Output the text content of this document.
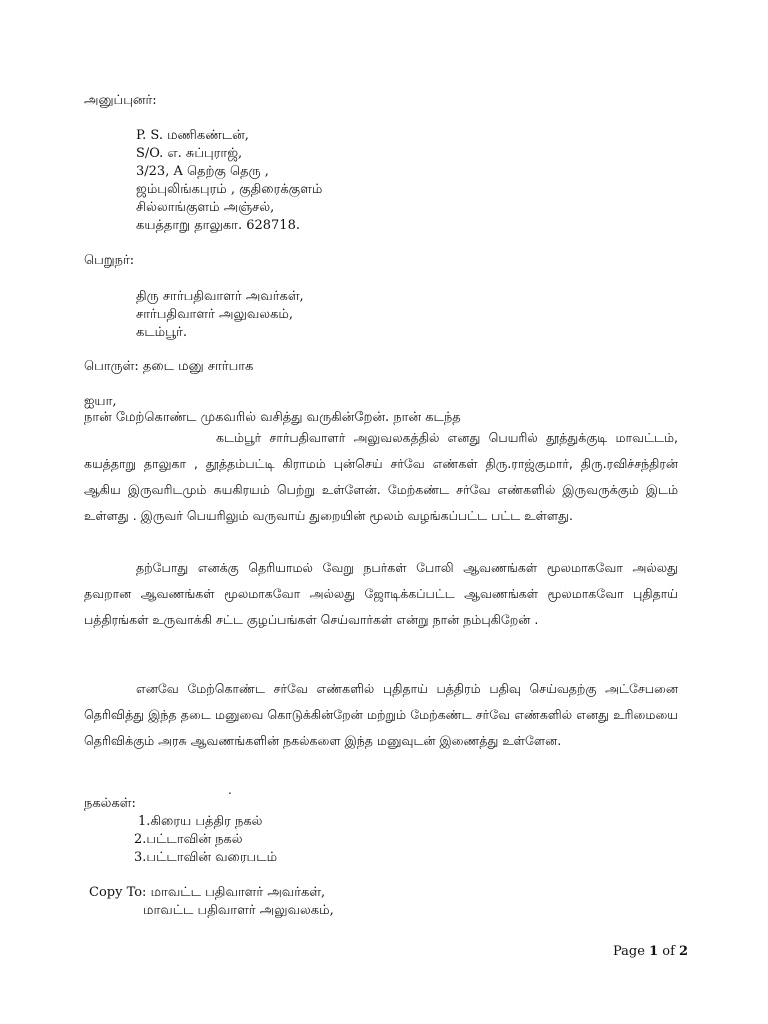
அனுப்புனர்:
P. S. மணிகண்டன்,
S/O. எ. சுப்புராஜ்,
3/23, A தெற்கு தெரு ,
ஜம்புலிங்கபுரம் , குதிரைக்குளம்
சில்லாங்குளம் அஞ்சல்,
கயத்தாறு தாலுகா. 628718.
பெறுநர்:
திரு சார்பதிவாளர் அவர்கள்,
சார்பதிவாளர் அலுவலகம்,
கடம்பூர்.
பொருள்: தடை மனு சார்பாக
ஐயா,
நான் மேற்கொண்ட முகவரில் வசித்து வருகின்றேன். நான் கடந்த

கடம்பூர் சார்பதிவாளர் அலுவலகத்தில் எனது பெயரில் தூத்துக்குடி மாவட்டம், கயத்தாறு தாலுகா , தூத்தம்பட்டி கிராமம் புன்செய் சர்வே எண்கள் திரு.ராஜ்குமார், திரு.ரவிச்சந்திரன் ஆகிய இருவரிடமும் சுயகிரயம் பெற்று உள்ளேன். மேற்கண்ட சர்வே எண்களில் இருவருக்கும் இடம் உள்ளது . இருவர் பெயரிலும் வருவாய் துறையின் மூலம் வழங்கப்பட்ட பட்ட உள்ளது.

தற்போது எனக்கு தெரியாமல் வேறு நபர்கள் போலி ஆவணங்கள் மூலமாகவோ அல்லது தவறான ஆவணங்கள் மூலமாகவோ அல்லது ஜோடிக்கப்பட்ட ஆவணங்கள் மூலமாகவோ புதிதாய் பத்திரங்கள் உருவாக்கி சட்ட குழப்பங்கள் செய்வார்கள் என்று நான் நம்புகிறேன் .

எனவே மேற்கொண்ட சர்வே எண்களில் புதிதாய் பத்திரம் பதிவு செய்வதற்கு அட்சேபனை தெரிவித்து இந்த தடை மனுவை கொடுக்கின்றேன் மற்றும் மேற்கண்ட சர்வே எண்களில் எனது உரிமையை தெரிவிக்கும் அரசு ஆவணங்களின் நகல்களை இந்த மனுவுடன் இணைத்து உள்ளேன.

.
நகல்கள்:
1.கிரைய பத்திர நகல்
2.பட்டாவின் நகல்
3.பட்டாவின் வரைபடம்
Copy To: மாவட்ட பதிவாளர் அவர்கள்,
மாவட்ட பதிவாளர் அலுவலகம்,
Page 1 of 2
